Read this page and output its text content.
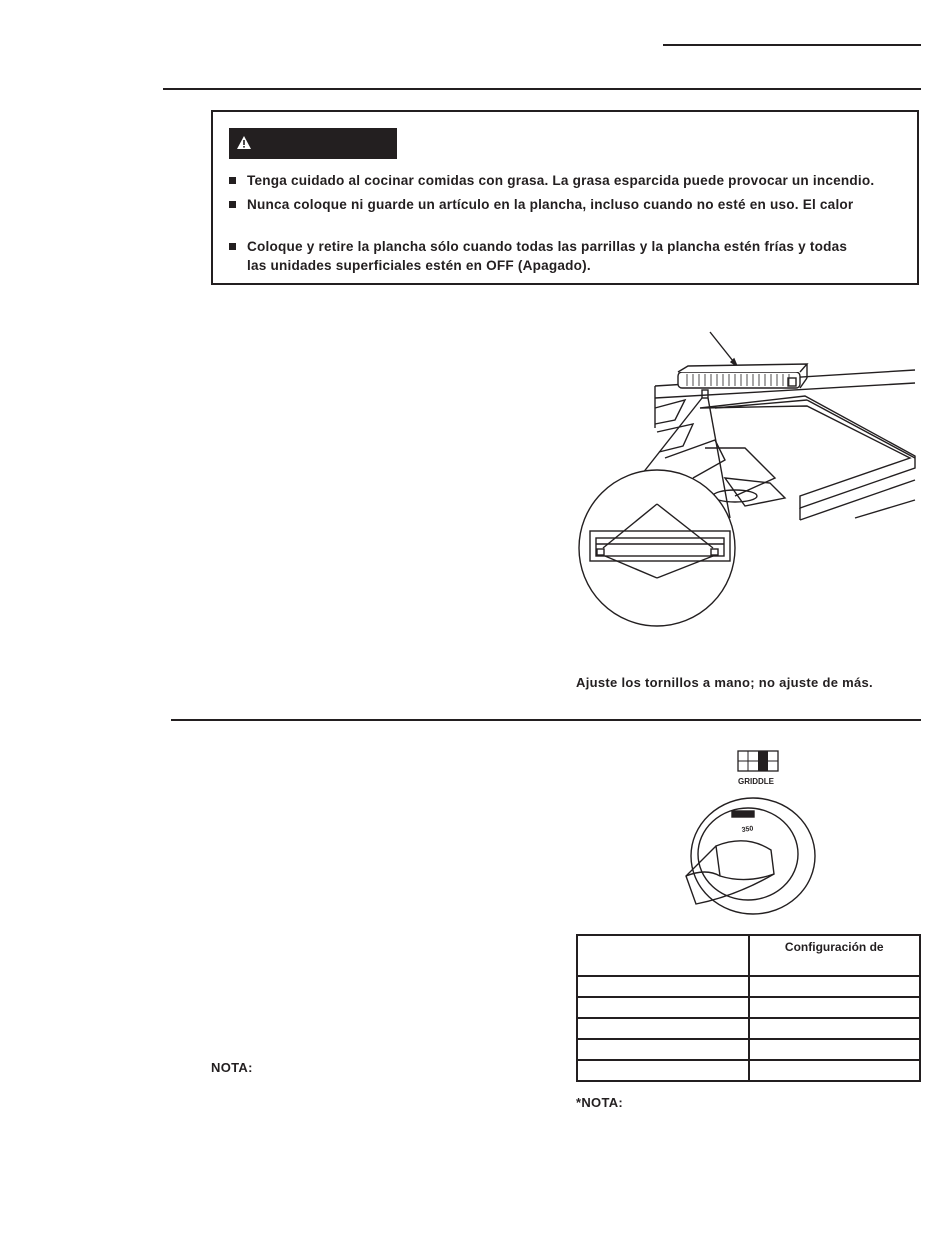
Tenga cuidado al cocinar comidas con grasa. La grasa esparcida puede provocar un incendio.
Nunca coloque ni guarde un artículo en la plancha, incluso cuando no esté en uso. El calor
Coloque y retire la plancha sólo cuando todas las parrillas y la plancha estén frías y todas
las unidades superficiales estén en OFF (Apagado).
Ajuste los tornillos a mano; no ajuste de más.
GRIDDLE
350
	Configuración de

NOTA:
*NOTA:
